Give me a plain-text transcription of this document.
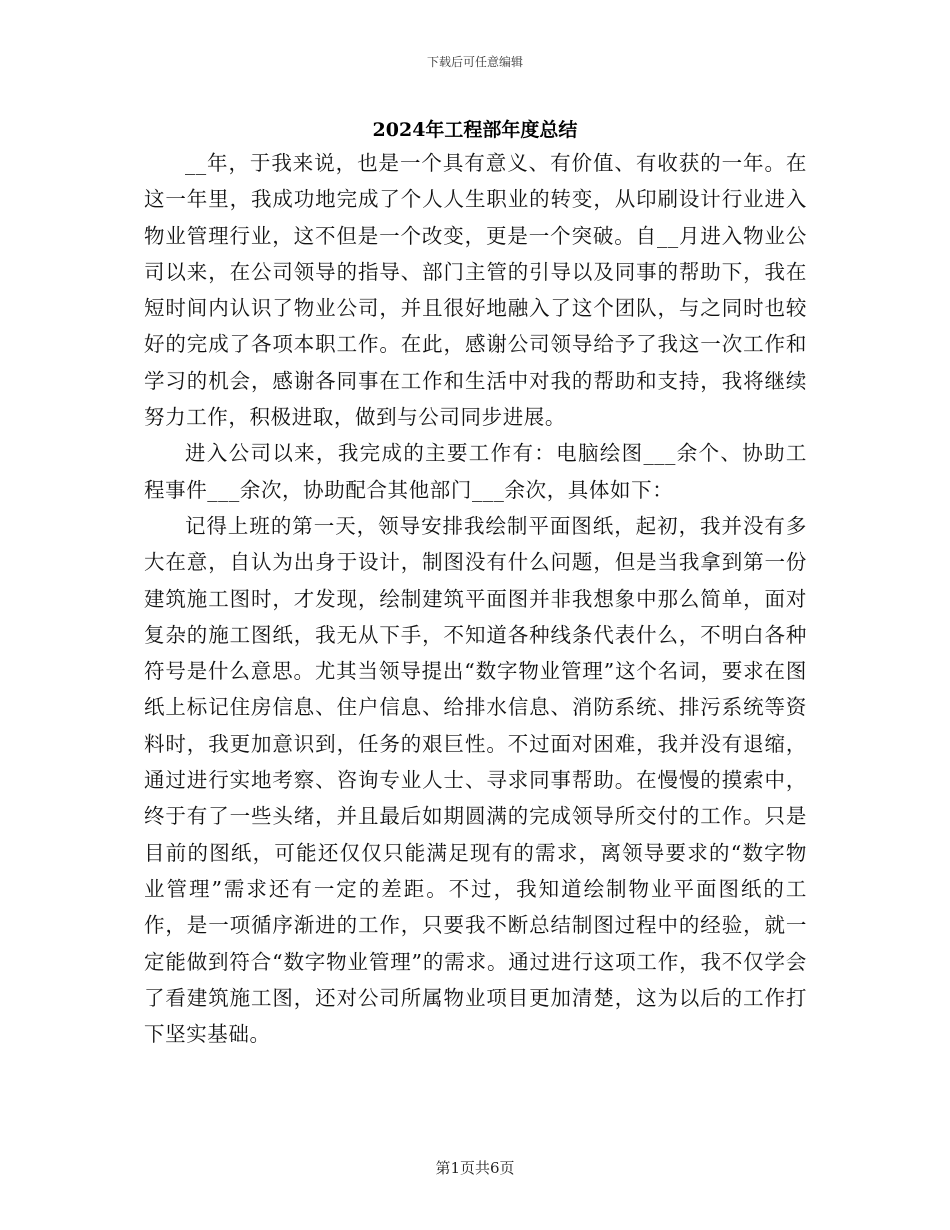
下载后可任意编辑
2024年工程部年度总结

__年，于我来说，也是一个具有意义、有价值、有收获的一年。在这一年里，我成功地完成了个人人生职业的转变，从印刷设计行业进入物业管理行业，这不但是一个改变，更是一个突破。自__月进入物业公司以来，在公司领导的指导、部门主管的引导以及同事的帮助下，我在短时间内认识了物业公司，并且很好地融入了这个团队，与之同时也较好的完成了各项本职工作。在此，感谢公司领导给予了我这一次工作和学习的机会，感谢各同事在工作和生活中对我的帮助和支持，我将继续努力工作，积极进取，做到与公司同步进展。

进入公司以来，我完成的主要工作有：电脑绘图___余个、协助工程事件___余次，协助配合其他部门___余次，具体如下：

记得上班的第一天，领导安排我绘制平面图纸，起初，我并没有多大在意，自认为出身于设计，制图没有什么问题，但是当我拿到第一份建筑施工图时，才发现，绘制建筑平面图并非我想象中那么简单，面对复杂的施工图纸，我无从下手，不知道各种线条代表什么，不明白各种符号是什么意思。尤其当领导提出“数字物业管理”这个名词，要求在图纸上标记住房信息、住户信息、给排水信息、消防系统、排污系统等资料时，我更加意识到，任务的艰巨性。不过面对困难，我并没有退缩，通过进行实地考察、咨询专业人士、寻求同事帮助。在慢慢的摸索中，终于有了一些头绪，并且最后如期圆满的完成领导所交付的工作。只是目前的图纸，可能还仅仅只能满足现有的需求，离领导要求的“数字物业管理”需求还有一定的差距。不过，我知道绘制物业平面图纸的工作，是一项循序渐进的工作，只要我不断总结制图过程中的经验，就一定能做到符合“数字物业管理”的需求。通过进行这项工作，我不仅学会了看建筑施工图，还对公司所属物业项目更加清楚，这为以后的工作打下坚实基础。

第1页共6页
